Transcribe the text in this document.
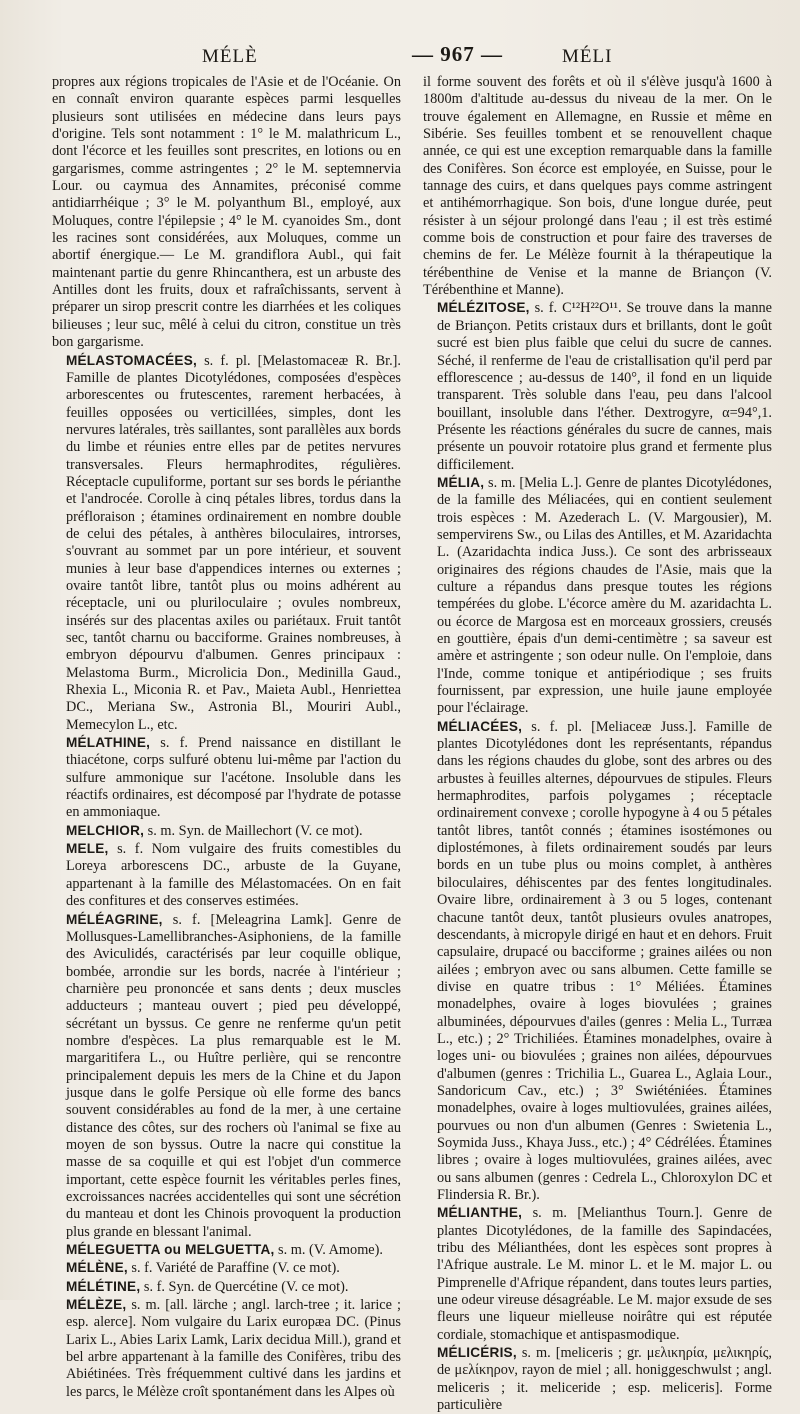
MÉLÈ	— 967 —	MÉLI

propres aux régions tropicales de l'Asie et de l'Océanie. On en connaît environ quarante espèces parmi lesquelles plusieurs sont utilisées en médecine dans leurs pays d'origine. Tels sont notamment : 1° le M. malathricum L., dont l'écorce et les feuilles sont prescrites, en lotions ou en gargarismes, comme astringentes ; 2° le M. septemnervia Lour. ou caymua des Annamites, préconisé comme antidiarrhéique ; 3° le M. polyanthum Bl., employé, aux Moluques, contre l'épilepsie ; 4° le M. cyanoides Sm., dont les racines sont considérées, aux Moluques, comme un abortif énergique.— Le M. grandiflora Aubl., qui fait maintenant partie du genre Rhincanthera, est un arbuste des Antilles dont les fruits, doux et rafraîchissants, servent à préparer un sirop prescrit contre les diarrhées et les coliques bilieuses ; leur suc, mêlé à celui du citron, constitue un très bon gargarisme.

MÉLASTOMACÉES, s. f. pl. [Melastomaceæ R. Br.]. Famille de plantes Dicotylédones, composées d'espèces arborescentes ou frutescentes, rarement herbacées, à feuilles opposées ou verticillées, simples, dont les nervures latérales, très saillantes, sont parallèles aux bords du limbe et réunies entre elles par de petites nervures transversales. Fleurs hermaphrodites, régulières. Réceptacle cupuliforme, portant sur ses bords le périanthe et l'androcée. Corolle à cinq pétales libres, tordus dans la préfloraison ; étamines ordinairement en nombre double de celui des pétales, à anthères biloculaires, introrses, s'ouvrant au sommet par un pore intérieur, et souvent munies à leur base d'appendices internes ou externes ; ovaire tantôt libre, tantôt plus ou moins adhérent au réceptacle, uni ou pluriloculaire ; ovules nombreux, insérés sur des placentas axiles ou pariétaux. Fruit tantôt sec, tantôt charnu ou bacciforme. Graines nombreuses, à embryon dépourvu d'albumen. Genres principaux : Melastoma Burm., Microlicia Don., Medinilla Gaud., Rhexia L., Miconia R. et Pav., Maieta Aubl., Henriettea DC., Meriana Sw., Astronia Bl., Mouriri Aubl., Memecylon L., etc.

MÉLATHINE, s. f. Prend naissance en distillant le thiacétone, corps sulfuré obtenu lui-même par l'action du sulfure ammonique sur l'acétone. Insoluble dans les réactifs ordinaires, est décomposé par l'hydrate de potasse en ammoniaque.

MELCHIOR, s. m. Syn. de Maillechort (V. ce mot).

MELE, s. f. Nom vulgaire des fruits comestibles du Loreya arborescens DC., arbuste de la Guyane, appartenant à la famille des Mélastomacées. On en fait des confitures et des conserves estimées.

MÉLÉAGRINE, s. f. [Meleagrina Lamk]. Genre de Mollusques-Lamellibranches-Asiphoniens, de la famille des Aviculidés, caractérisés par leur coquille oblique, bombée, arrondie sur les bords, nacrée à l'intérieur ; charnière peu prononcée et sans dents ; deux muscles adducteurs ; manteau ouvert ; pied peu développé, sécrétant un byssus. Ce genre ne renferme qu'un petit nombre d'espèces. La plus remarquable est le M. margaritifera L., ou Huître perlière, qui se rencontre principalement depuis les mers de la Chine et du Japon jusque dans le golfe Persique où elle forme des bancs souvent considérables au fond de la mer, à une certaine distance des côtes, sur des rochers où l'animal se fixe au moyen de son byssus. Outre la nacre qui constitue la masse de sa coquille et qui est l'objet d'un commerce important, cette espèce fournit les véritables perles fines, excroissances nacrées accidentelles qui sont une sécrétion du manteau et dont les Chinois provoquent la production plus grande en blessant l'animal.

MÉLEGUETTA ou MELGUETTA, s. m. (V. Amome).

MÉLÈNE, s. f. Variété de Paraffine (V. ce mot).

MÉLÉTINE, s. f. Syn. de Quercétine (V. ce mot).

MÉLÈZE, s. m. [all. lärche ; angl. larch-tree ; it. larice ; esp. alerce]. Nom vulgaire du Larix europæa DC. (Pinus Larix L., Abies Larix Lamk, Larix decidua Mill.), grand et bel arbre appartenant à la famille des Conifères, tribu des Abiétinées. Très fréquemment cultivé dans les jardins et les parcs, le Mélèze croît spontanément dans les Alpes où

il forme souvent des forêts et où il s'élève jusqu'à 1600 à 1800m d'altitude au-dessus du niveau de la mer. On le trouve également en Allemagne, en Russie et même en Sibérie. Ses feuilles tombent et se renouvellent chaque année, ce qui est une exception remarquable dans la famille des Conifères. Son écorce est employée, en Suisse, pour le tannage des cuirs, et dans quelques pays comme astringent et antihémorrhagique. Son bois, d'une longue durée, peut résister à un séjour prolongé dans l'eau ; il est très estimé comme bois de construction et pour faire des traverses de chemins de fer. Le Mélèze fournit à la thérapeutique la térébenthine de Venise et la manne de Briançon (V. Térébenthine et Manne).

MÉLÉZITOSE, s. f. C¹²H²²O¹¹. Se trouve dans la manne de Briançon. Petits cristaux durs et brillants, dont le goût sucré est bien plus faible que celui du sucre de cannes. Séché, il renferme de l'eau de cristallisation qu'il perd par efflorescence ; au-dessus de 140°, il fond en un liquide transparent. Très soluble dans l'eau, peu dans l'alcool bouillant, insoluble dans l'éther. Dextrogyre, α=94°,1. Présente les réactions générales du sucre de cannes, mais présente un pouvoir rotatoire plus grand et fermente plus difficilement.

MÉLIA, s. m. [Melia L.]. Genre de plantes Dicotylédones, de la famille des Méliacées, qui en contient seulement trois espèces : M. Azederach L. (V. Margousier), M. sempervirens Sw., ou Lilas des Antilles, et M. Azaridachta L. (Azaridachta indica Juss.). Ce sont des arbrisseaux originaires des régions chaudes de l'Asie, mais que la culture a répandus dans presque toutes les régions tempérées du globe. L'écorce amère du M. azaridachta L. ou écorce de Margosa est en morceaux grossiers, creusés en gouttière, épais d'un demi-centimètre ; sa saveur est amère et astringente ; son odeur nulle. On l'emploie, dans l'Inde, comme tonique et antipériodique ; ses fruits fournissent, par expression, une huile jaune employée pour l'éclairage.

MÉLIACÉES, s. f. pl. [Meliaceæ Juss.]. Famille de plantes Dicotylédones dont les représentants, répandus dans les régions chaudes du globe, sont des arbres ou des arbustes à feuilles alternes, dépourvues de stipules. Fleurs hermaphrodites, parfois polygames ; réceptacle ordinairement convexe ; corolle hypogyne à 4 ou 5 pétales tantôt libres, tantôt connés ; étamines isostémones ou diplostémones, à filets ordinairement soudés par leurs bords en un tube plus ou moins complet, à anthères biloculaires, déhiscentes par des fentes longitudinales. Ovaire libre, ordinairement à 3 ou 5 loges, contenant chacune tantôt deux, tantôt plusieurs ovules anatropes, descendants, à micropyle dirigé en haut et en dehors. Fruit capsulaire, drupacé ou bacciforme ; graines ailées ou non ailées ; embryon avec ou sans albumen. Cette famille se divise en quatre tribus : 1° Méliées. Étamines monadelphes, ovaire à loges biovulées ; graines albuminées, dépourvues d'ailes (genres : Melia L., Turræa L., etc.) ; 2° Trichiliées. Étamines monadelphes, ovaire à loges uni- ou biovulées ; graines non ailées, dépourvues d'albumen (genres : Trichilia L., Guarea L., Aglaia Lour., Sandoricum Cav., etc.) ; 3° Swiéténiées. Étamines monadelphes, ovaire à loges multiovulées, graines ailées, pourvues ou non d'un albumen (Genres : Swietenia L., Soymida Juss., Khaya Juss., etc.) ; 4° Cédrélées. Étamines libres ; ovaire à loges multiovulées, graines ailées, avec ou sans albumen (genres : Cedrela L., Chloroxylon DC et Flindersia R. Br.).

MÉLIANTHE, s. m. [Melianthus Tourn.]. Genre de plantes Dicotylédones, de la famille des Sapindacées, tribu des Mélianthées, dont les espèces sont propres à l'Afrique australe. Le M. minor L. et le M. major L. ou Pimprenelle d'Afrique répandent, dans toutes leurs parties, une odeur vireuse désagréable. Le M. major exsude de ses fleurs une liqueur mielleuse noirâtre qui est réputée cordiale, stomachique et antispasmodique.

MÉLICÉRIS, s. m. [meliceris ; gr. μελικηρία, μελικηρίς, de μελίκηρον, rayon de miel ; all. honiggeschwulst ; angl. meliceris ; it. meliceride ; esp. meliceris]. Forme particulière
